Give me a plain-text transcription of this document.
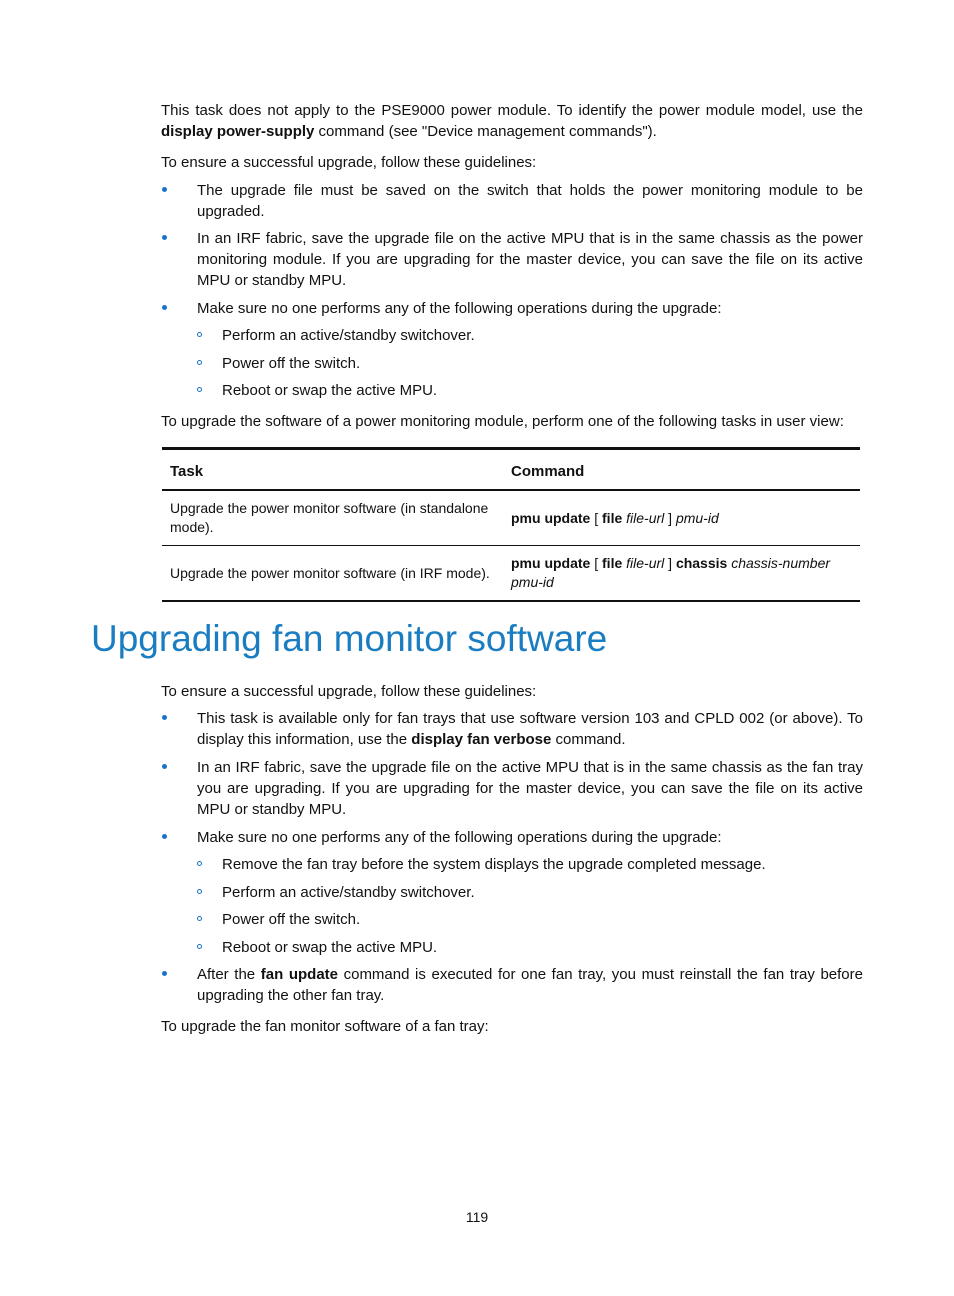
This task does not apply to the PSE9000 power module. To identify the power module model, use the display power-supply command (see "Device management commands").

To ensure a successful upgrade, follow these guidelines:

The upgrade file must be saved on the switch that holds the power monitoring module to be upgraded.

In an IRF fabric, save the upgrade file on the active MPU that is in the same chassis as the power monitoring module. If you are upgrading for the master device, you can save the file on its active MPU or standby MPU.

Make sure no one performs any of the following operations during the upgrade:

Perform an active/standby switchover.

Power off the switch.

Reboot or swap the active MPU.

To upgrade the software of a power monitoring module, perform one of the following tasks in user view:

Task	Command
Upgrade the power monitor software (in standalone mode).	pmu update [ file file-url ] pmu-id
Upgrade the power monitor software (in IRF mode).	pmu update [ file file-url ] chassis chassis-number pmu-id
Upgrading fan monitor software

To ensure a successful upgrade, follow these guidelines:

This task is available only for fan trays that use software version 103 and CPLD 002 (or above). To display this information, use the display fan verbose command.

In an IRF fabric, save the upgrade file on the active MPU that is in the same chassis as the fan tray you are upgrading. If you are upgrading for the master device, you can save the file on its active MPU or standby MPU.

Make sure no one performs any of the following operations during the upgrade:

Remove the fan tray before the system displays the upgrade completed message.

Perform an active/standby switchover.

Power off the switch.

Reboot or swap the active MPU.

After the fan update command is executed for one fan tray, you must reinstall the fan tray before upgrading the other fan tray.

To upgrade the fan monitor software of a fan tray:

119
